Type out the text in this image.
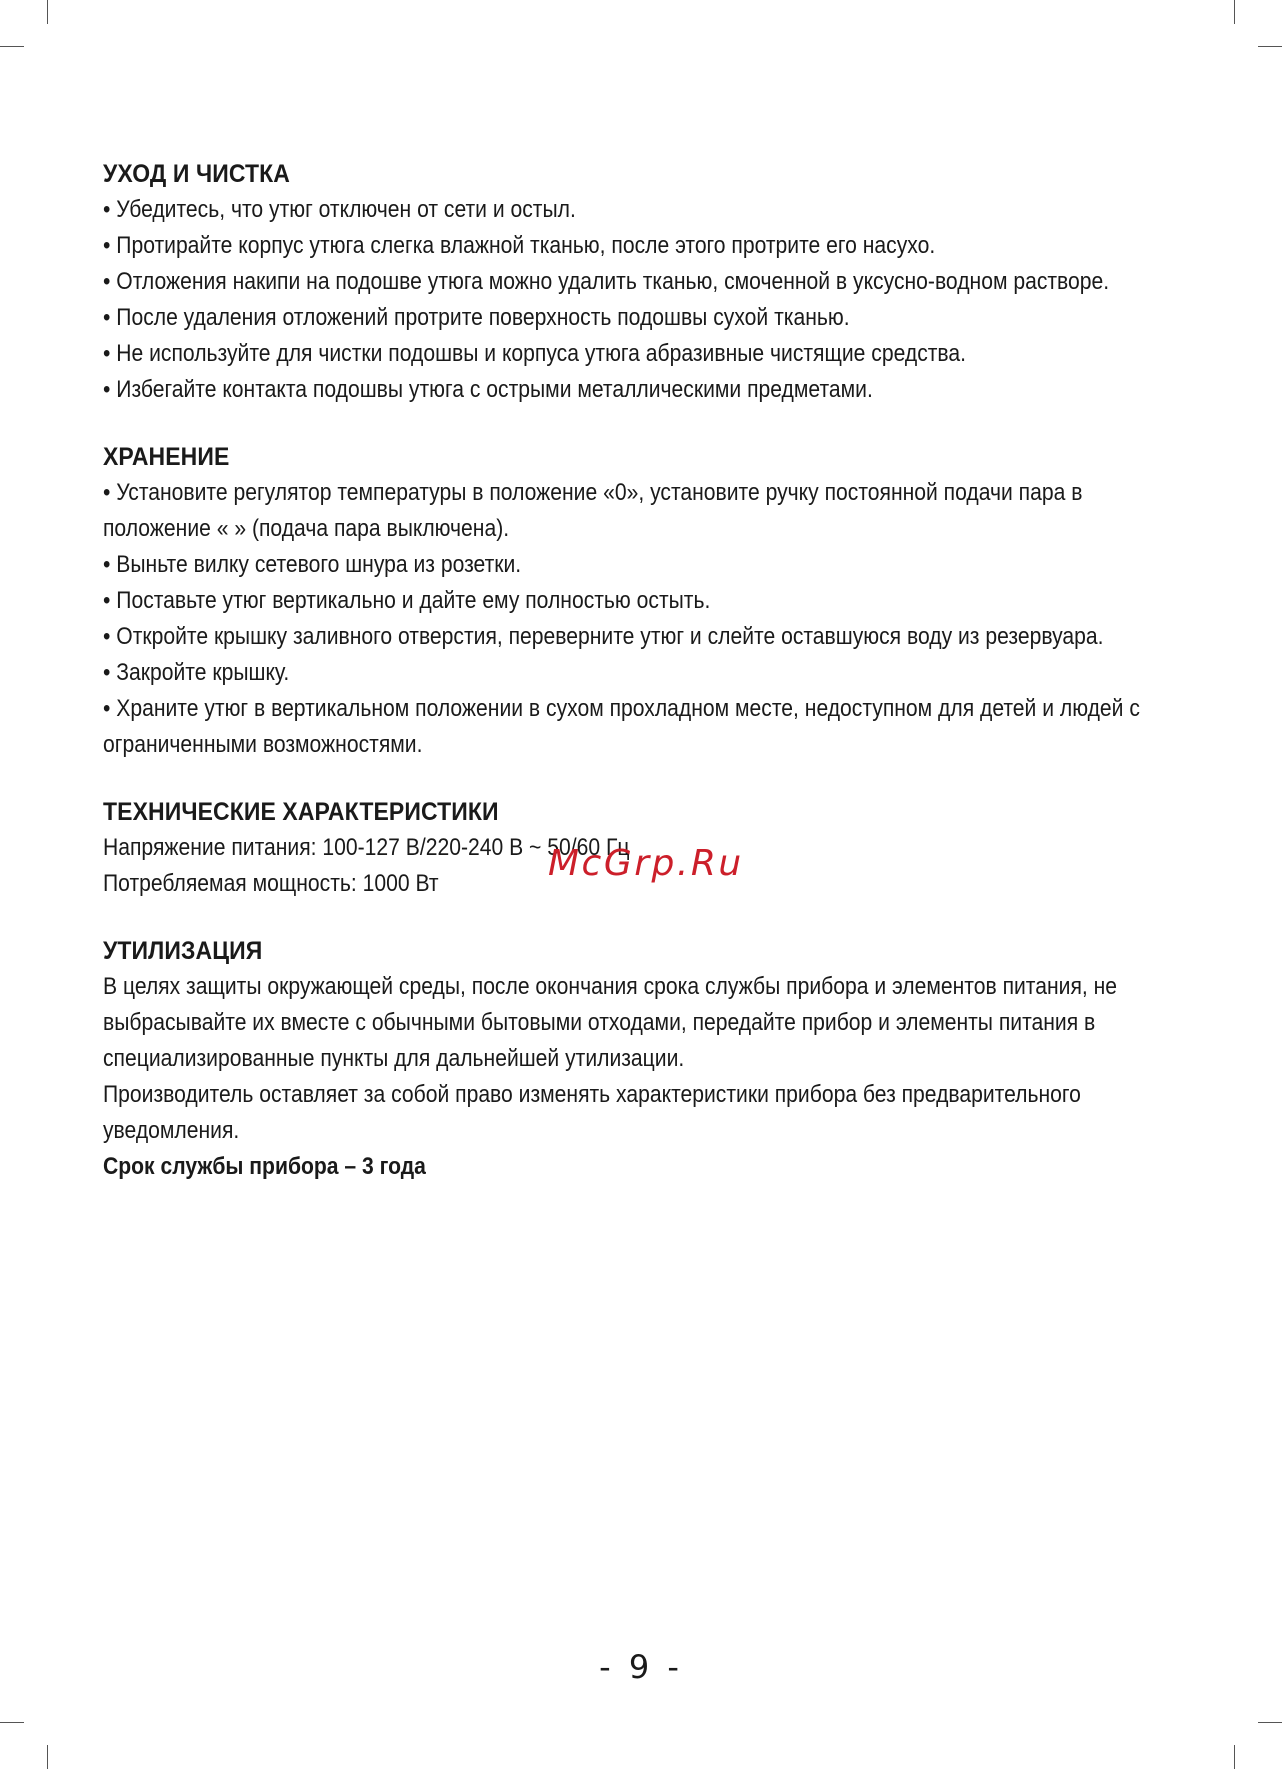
УХОД И ЧИСТКА

• Убедитесь, что утюг отключен от сети и остыл.

• Протирайте корпус утюга слегка влажной тканью, после этого протрите его насухо.

• Отложения накипи на подошве утюга можно удалить тканью, смоченной в уксусно-водном растворе.

• После удаления отложений протрите поверхность подошвы сухой тканью.

• Не используйте для чистки подошвы и корпуса утюга абразивные чистящие средства.

• Избегайте контакта подошвы утюга с острыми металлическими предметами.

ХРАНЕНИЕ

• Установите регулятор температуры в положение «0», установите ручку постоянной подачи пара в положение « » (подача пара выключена).

• Выньте вилку сетевого шнура из розетки.

• Поставьте утюг вертикально и дайте ему полностью остыть.

• Откройте крышку заливного отверстия, переверните утюг и слейте оставшуюся воду из резервуара.

• Закройте крышку.

• Храните утюг в вертикальном положении в сухом прохладном месте, недоступном для детей и людей с ограниченными возможностями.

ТЕХНИЧЕСКИЕ ХАРАКТЕРИСТИКИ
Напряжение питания: 100-127 В/220-240 В ~ 50/60 Гц
Потребляемая мощность: 1000 Вт	McGrp.Ru
УТИЛИЗАЦИЯ

В целях защиты окружающей среды, после окончания срока службы прибора и элементов питания, не выбрасывайте их вместе с обычными бытовыми отходами, передайте прибор и элементы питания в специализированные пункты для дальнейшей утилизации.

Производитель оставляет за собой право изменять характеристики прибора без предварительного уведомления.

Срок службы прибора – 3 года

- 9 -
